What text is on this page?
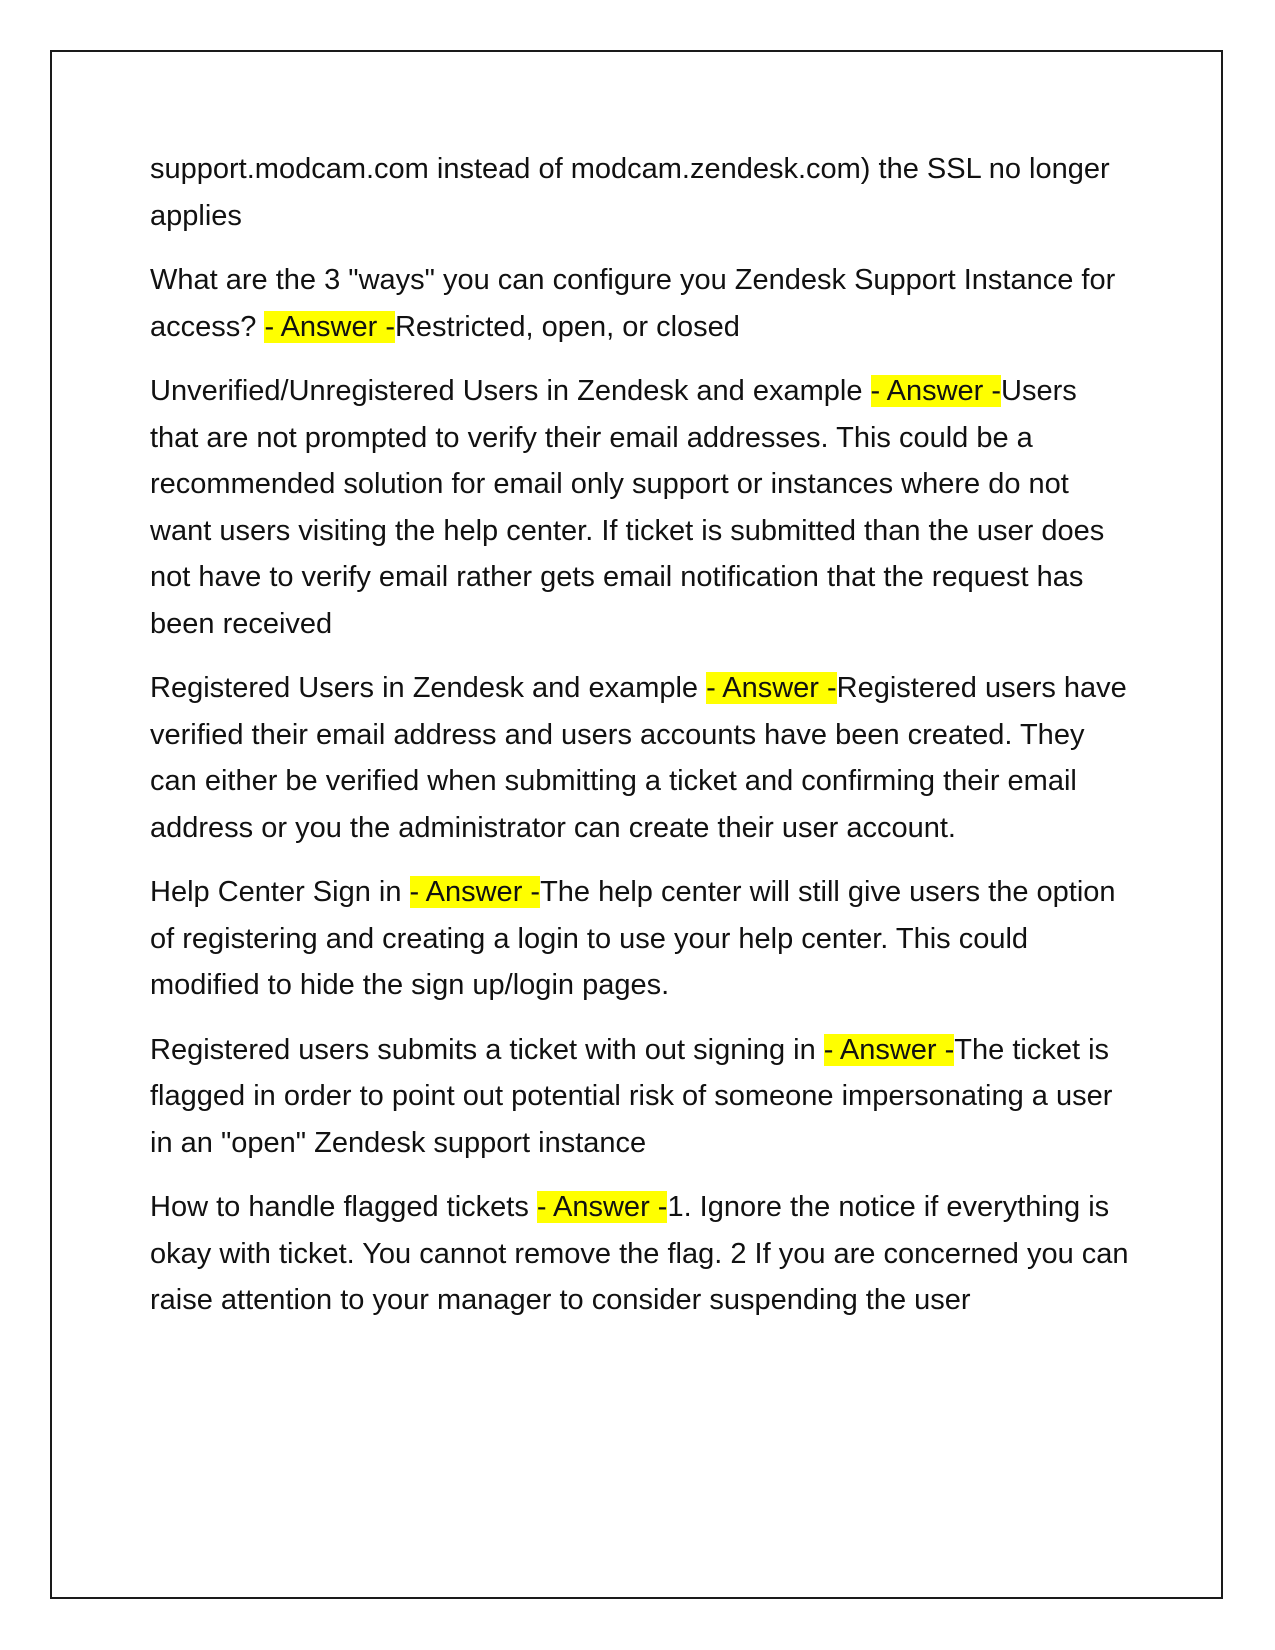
support.modcam.com instead of modcam.zendesk.com) the SSL no longer applies

What are the 3 "ways" you can configure you Zendesk Support Instance for access? - Answer -Restricted, open, or closed

Unverified/Unregistered Users in Zendesk and example - Answer -Users that are not prompted to verify their email addresses. This could be a recommended solution for email only support or instances where do not want users visiting the help center. If ticket is submitted than the user does not have to verify email rather gets email notification that the request has been received

Registered Users in Zendesk and example - Answer -Registered users have verified their email address and users accounts have been created. They can either be verified when submitting a ticket and confirming their email address or you the administrator can create their user account.

Help Center Sign in - Answer -The help center will still give users the option of registering and creating a login to use your help center. This could modified to hide the sign up/login pages.

Registered users submits a ticket with out signing in - Answer -The ticket is flagged in order to point out potential risk of someone impersonating a user in an "open" Zendesk support instance

How to handle flagged tickets - Answer -1. Ignore the notice if everything is okay with ticket. You cannot remove the flag. 2 If you are concerned you can raise attention to your manager to consider suspending the user
